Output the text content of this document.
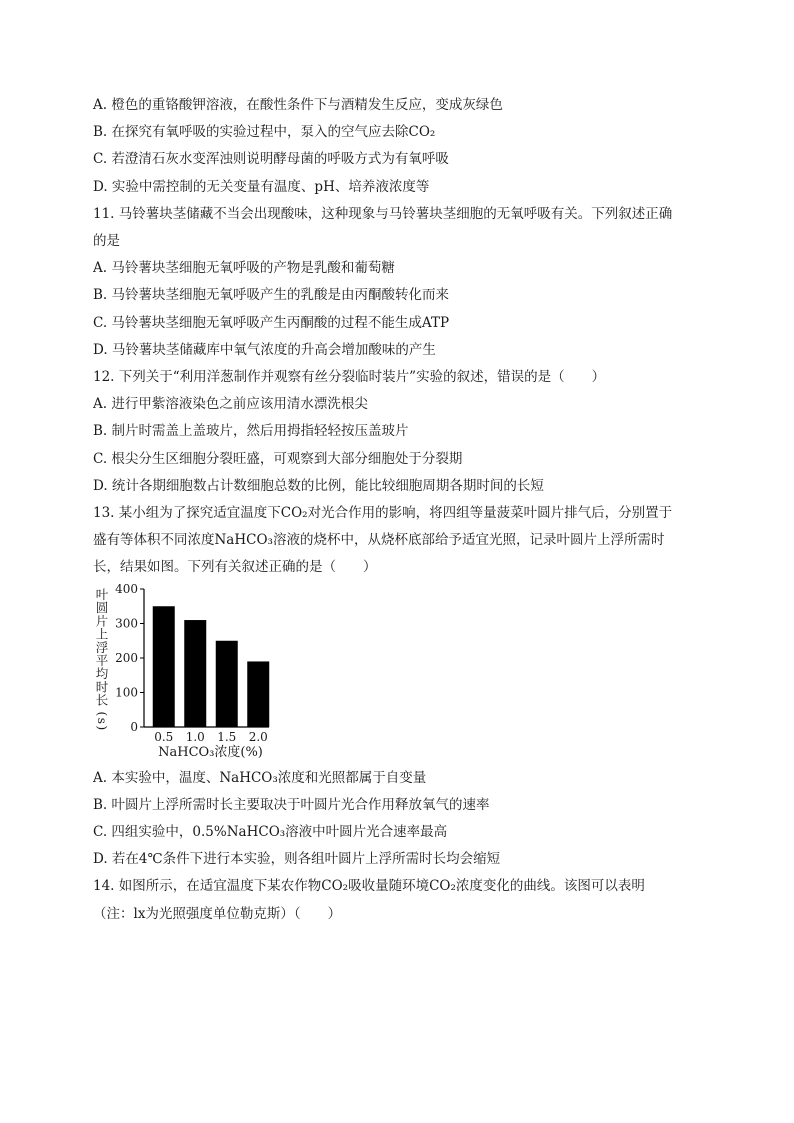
A. 橙色的重铬酸钾溶液，在酸性条件下与酒精发生反应，变成灰绿色
B. 在探究有氧呼吸的实验过程中，泵入的空气应去除CO₂
C. 若澄清石灰水变浑浊则说明酵母菌的呼吸方式为有氧呼吸
D. 实验中需控制的无关变量有温度、pH、培养液浓度等
11. 马铃薯块茎储藏不当会出现酸味，这种现象与马铃薯块茎细胞的无氧呼吸有关。下列叙述正确
的是
A. 马铃薯块茎细胞无氧呼吸的产物是乳酸和葡萄糖
B. 马铃薯块茎细胞无氧呼吸产生的乳酸是由丙酮酸转化而来
C. 马铃薯块茎细胞无氧呼吸产生丙酮酸的过程不能生成ATP
D. 马铃薯块茎储藏库中氧气浓度的升高会增加酸味的产生
12. 下列关于“利用洋葱制作并观察有丝分裂临时装片”实验的叙述，错误的是（　　）
A. 进行甲紫溶液染色之前应该用清水漂洗根尖
B. 制片时需盖上盖玻片，然后用拇指轻轻按压盖玻片
C. 根尖分生区细胞分裂旺盛，可观察到大部分细胞处于分裂期
D. 统计各期细胞数占计数细胞总数的比例，能比较细胞周期各期时间的长短
13. 某小组为了探究适宜温度下CO₂对光合作用的影响，将四组等量菠菜叶圆片排气后，分别置于
盛有等体积不同浓度NaHCO₃溶液的烧杯中，从烧杯底部给予适宜光照，记录叶圆片上浮所需时
长，结果如图。下列有关叙述正确的是（　　）
叶
圆
片
上
浮
平
均
时
长
(
s
) 0
100
200
300
400
0.5 1.0 1.5 2.0
NaHCO₃浓度(%)
A. 本实验中，温度、NaHCO₃浓度和光照都属于自变量
B. 叶圆片上浮所需时长主要取决于叶圆片光合作用释放氧气的速率
C. 四组实验中，0.5%NaHCO₃溶液中叶圆片光合速率最高
D. 若在4℃条件下进行本实验，则各组叶圆片上浮所需时长均会缩短
14. 如图所示，在适宜温度下某农作物CO₂吸收量随环境CO₂浓度变化的曲线。该图可以表明
（注：lx为光照强度单位勒克斯）（　　）
